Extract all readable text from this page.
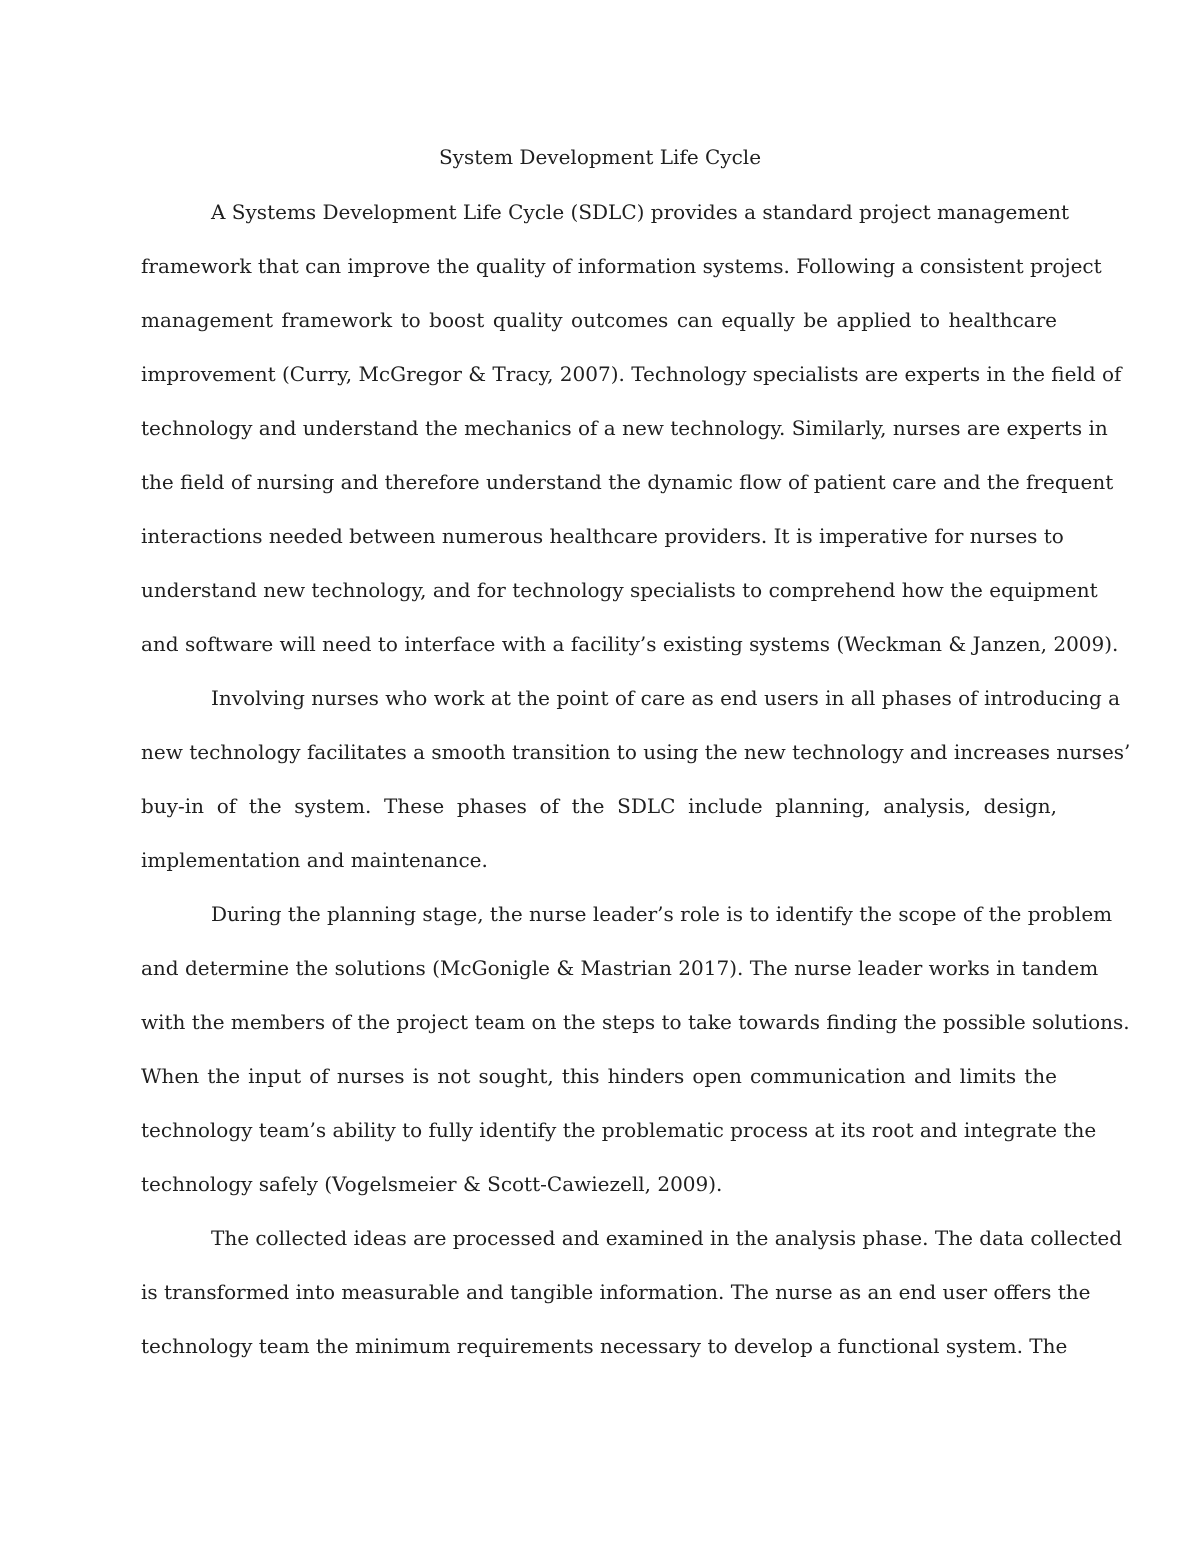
System Development Life Cycle

A Systems Development Life Cycle (SDLC) provides a standard project management

framework that can improve the quality of information systems. Following a consistent project

management framework to boost quality outcomes can equally be applied to healthcare

improvement (Curry, McGregor & Tracy, 2007). Technology specialists are experts in the field of

technology and understand the mechanics of a new technology. Similarly, nurses are experts in

the field of nursing and therefore understand the dynamic flow of patient care and the frequent

interactions needed between numerous healthcare providers. It is imperative for nurses to

understand new technology, and for technology specialists to comprehend how the equipment

and software will need to interface with a facility’s existing systems (Weckman & Janzen, 2009).

Involving nurses who work at the point of care as end users in all phases of introducing a

new technology facilitates a smooth transition to using the new technology and increases nurses’

buy-in of the system. These phases of the SDLC include planning, analysis, design,

implementation and maintenance.

During the planning stage, the nurse leader’s role is to identify the scope of the problem

and determine the solutions (McGonigle & Mastrian 2017). The nurse leader works in tandem

with the members of the project team on the steps to take towards finding the possible solutions.

When the input of nurses is not sought, this hinders open communication and limits the

technology team’s ability to fully identify the problematic process at its root and integrate the

technology safely (Vogelsmeier & Scott-Cawiezell, 2009).

The collected ideas are processed and examined in the analysis phase. The data collected

is transformed into measurable and tangible information. The nurse as an end user offers the

technology team the minimum requirements necessary to develop a functional system. The
